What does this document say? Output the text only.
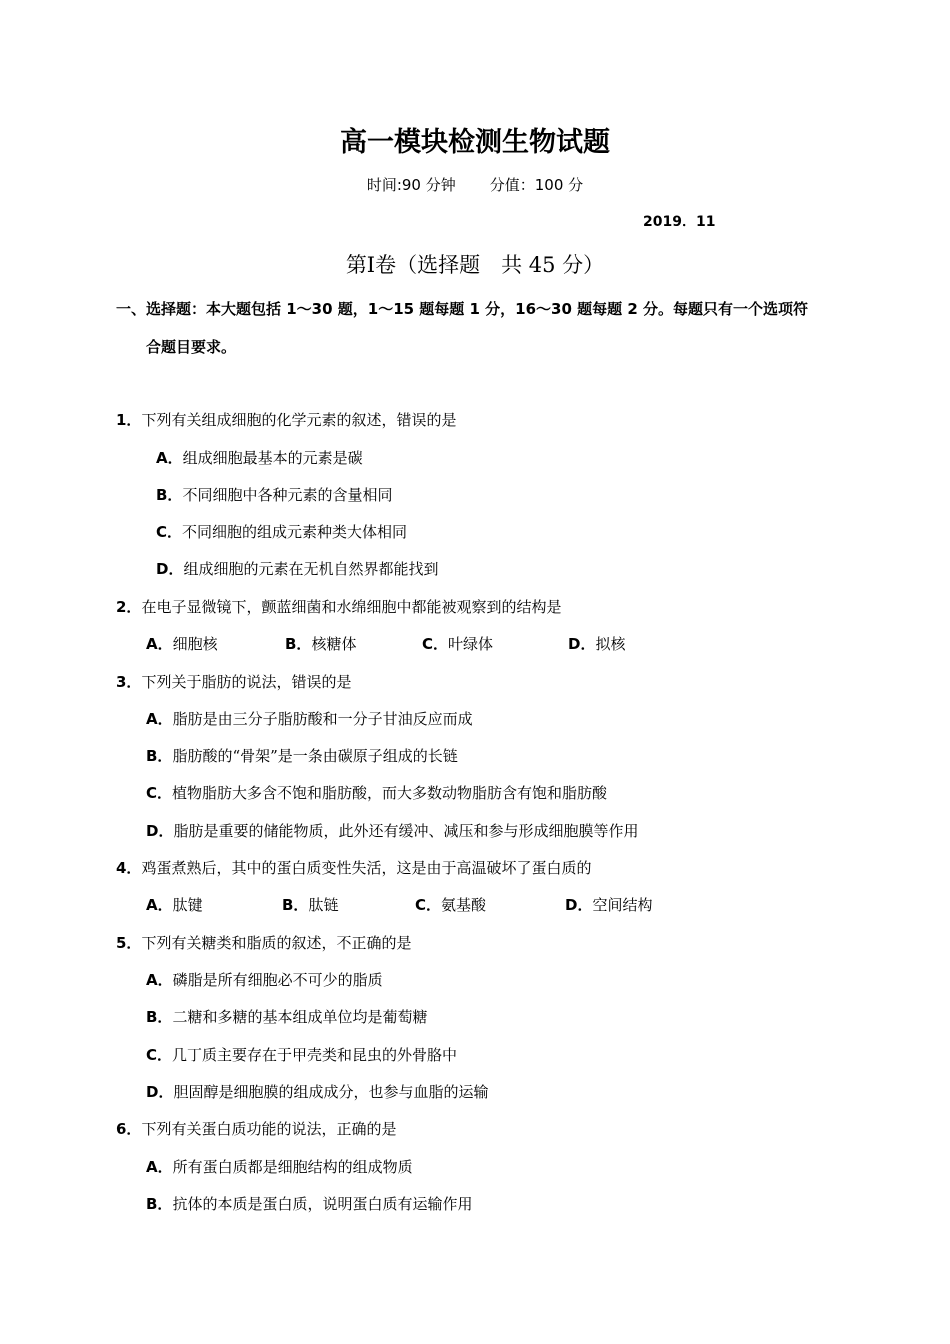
高一模块检测生物试题
时间:90 分钟 分值：100 分
2019．11
第Ⅰ卷（选择题　共 45 分）
一、选择题：本大题包括 1～30 题，1～15 题每题 1 分，16～30 题每题 2 分。每题只有一个选项符
合题目要求。
1．下列有关组成细胞的化学元素的叙述，错误的是
A．组成细胞最基本的元素是碳
B．不同细胞中各种元素的含量相同
C．不同细胞的组成元素种类大体相同
D．组成细胞的元素在无机自然界都能找到
2．在电子显微镜下，颤蓝细菌和水绵细胞中都能被观察到的结构是
A．细胞核	B．核糖体	C．叶绿体	D．拟核
3．下列关于脂肪的说法，错误的是
A．脂肪是由三分子脂肪酸和一分子甘油反应而成
B．脂肪酸的“骨架”是一条由碳原子组成的长链
C．植物脂肪大多含不饱和脂肪酸，而大多数动物脂肪含有饱和脂肪酸
D．脂肪是重要的储能物质，此外还有缓冲、减压和参与形成细胞膜等作用
4．鸡蛋煮熟后，其中的蛋白质变性失活，这是由于高温破坏了蛋白质的
A．肽键	B．肽链	C．氨基酸	D．空间结构
5．下列有关糖类和脂质的叙述，不正确的是
A．磷脂是所有细胞必不可少的脂质
B．二糖和多糖的基本组成单位均是葡萄糖
C．几丁质主要存在于甲壳类和昆虫的外骨胳中
D．胆固醇是细胞膜的组成成分，也参与血脂的运输
6．下列有关蛋白质功能的说法，正确的是
A．所有蛋白质都是细胞结构的组成物质
B．抗体的本质是蛋白质，说明蛋白质有运输作用
